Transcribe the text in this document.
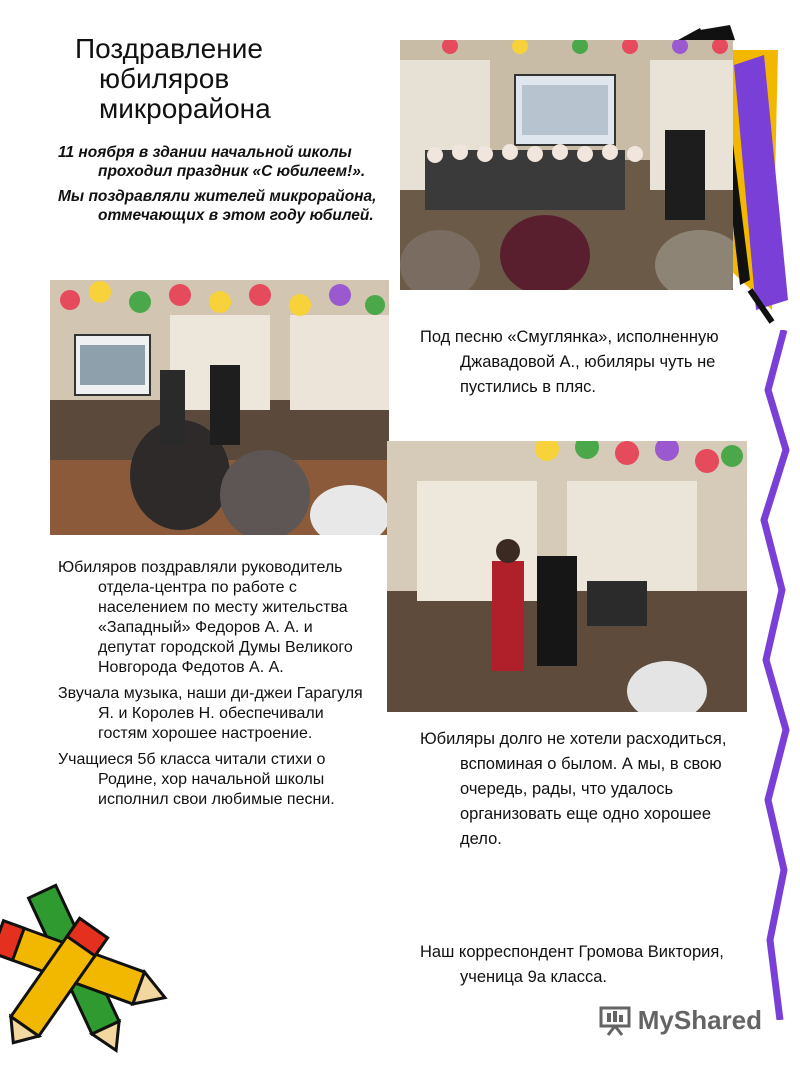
Поздравление
юбиляров
микрорайона

11 ноября в здании начальной школы проходил праздник «С юбилеем!».

Мы поздравляли жителей микрорайона, отмечающих в этом году юбилей.

Под песню «Смуглянка», исполненную Джавадовой А., юбиляры чуть не пустились в пляс.

Юбиляров поздравляли руководитель отдела-центра по работе с населением по месту жительства «Западный» Федоров А. А. и депутат городской Думы Великого Новгорода Федотов А. А.

Звучала музыка, наши ди-джеи Гарагуля Я. и Королев Н. обеспечивали гостям хорошее настроение.

Учащиеся 5б класса читали стихи о Родине, хор начальной школы исполнил свои любимые песни.

Юбиляры долго не хотели расходиться, вспоминая о былом. А мы, в свою очередь, рады, что удалось организовать еще одно хорошее дело.

Наш корреспондент Громова Виктория, ученица 9а класса.

MyShared
